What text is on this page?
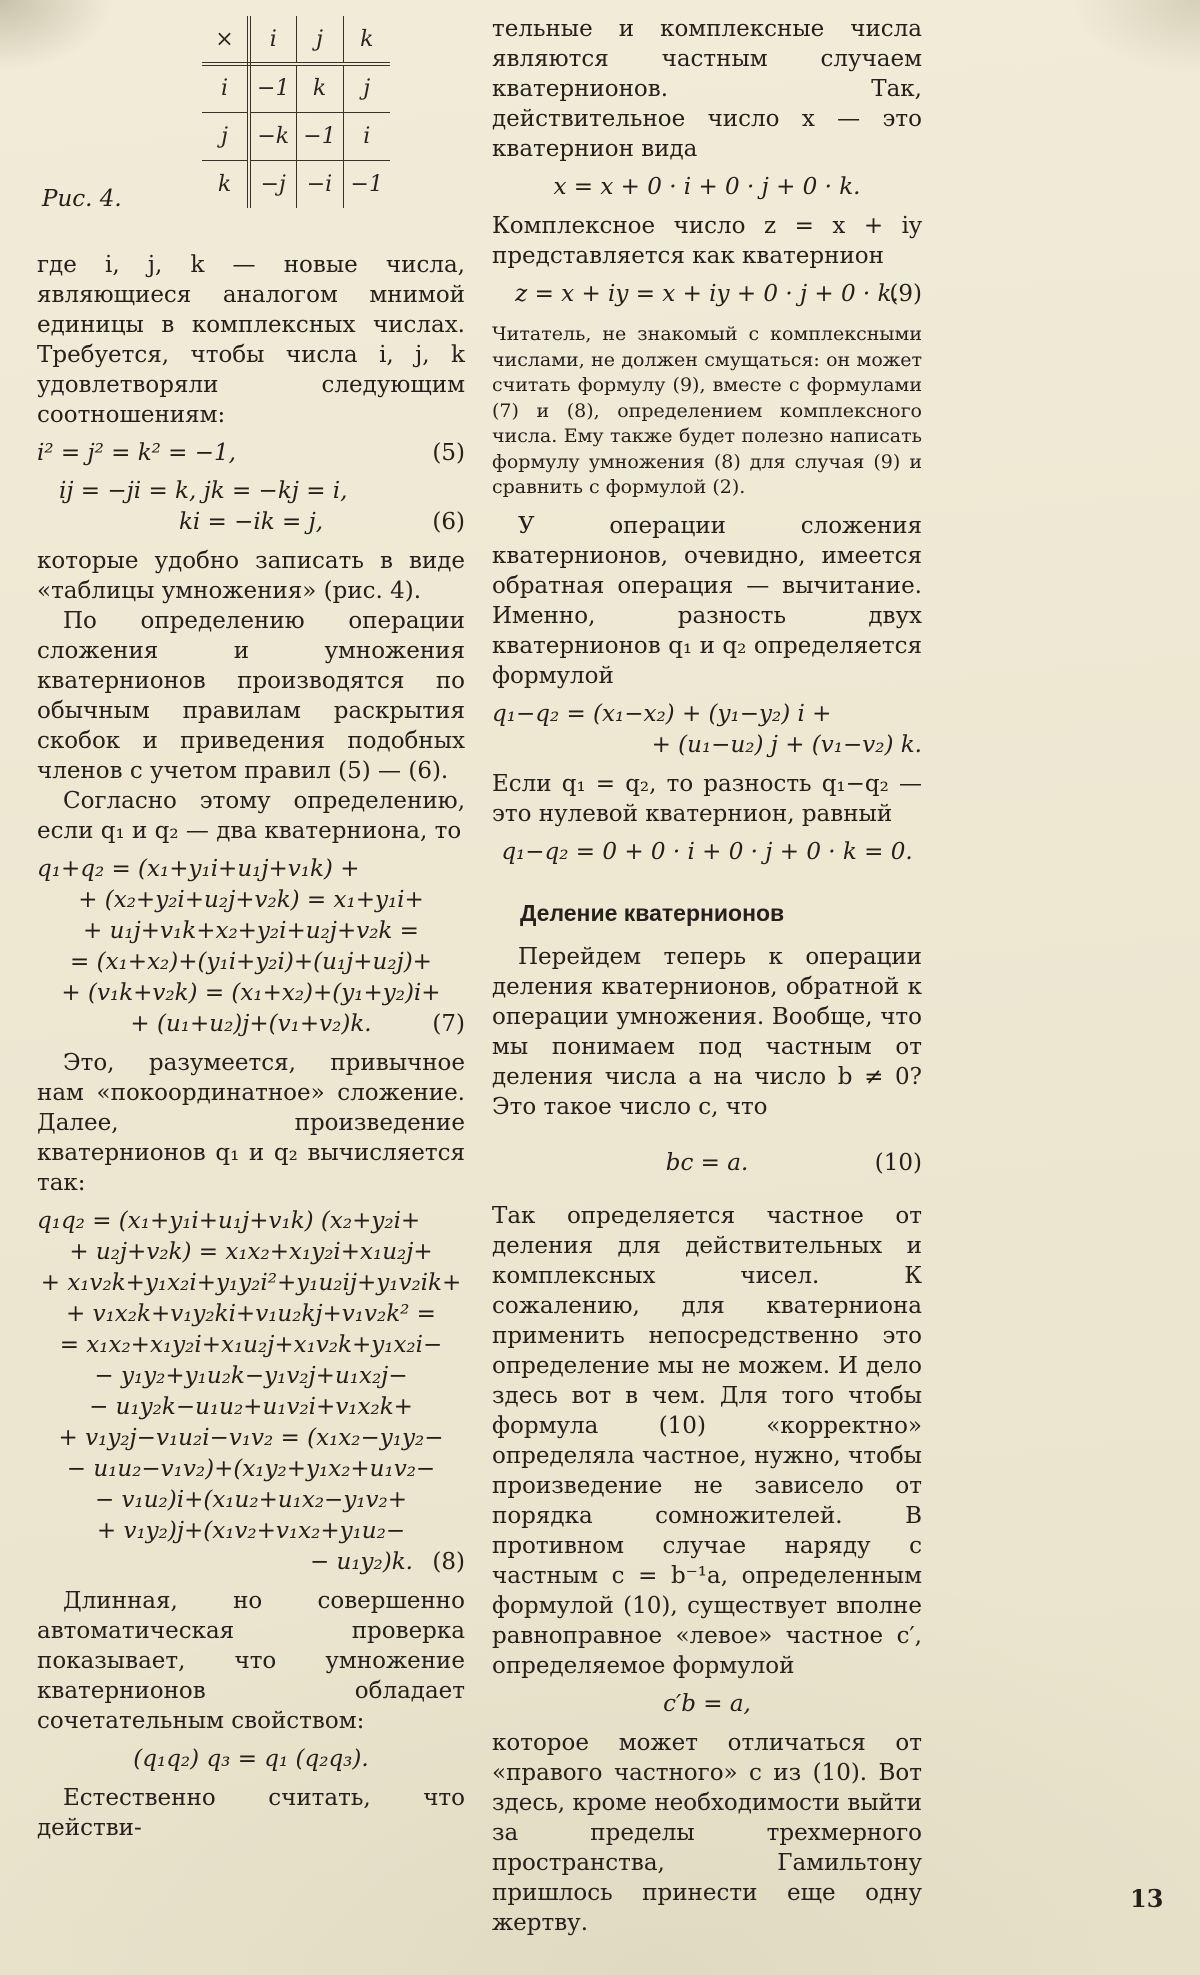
×	i	j	k
i	−1	k	j
j	−k	−1	i
k	−j	−i	−1
Рис. 4.

где i, j, k — новые числа, являющиеся аналогом мнимой единицы в комплексных числах. Требуется, чтобы числа i, j, k удовлетворяли следующим соотношениям:

i² = j² = k² = −1,	(5)
ij = −ji = k, jk = −kj = i,
ki = −ik = j,	(6)

которые удобно записать в виде «таблицы умножения» (рис. 4).

По определению операции сложения и умножения кватернионов производятся по обычным правилам раскрытия скобок и приведения подобных членов с учетом правил (5) — (6).

Согласно этому определению, если q₁ и q₂ — два кватерниона, то

q₁+q₂ = (x₁+y₁i+u₁j+v₁k) +
+ (x₂+y₂i+u₂j+v₂k) = x₁+y₁i+
+ u₁j+v₁k+x₂+y₂i+u₂j+v₂k =
= (x₁+x₂)+(y₁i+y₂i)+(u₁j+u₂j)+
+ (v₁k+v₂k) = (x₁+x₂)+(y₁+y₂)i+
+ (u₁+u₂)j+(v₁+v₂)k.	(7)

Это, разумеется, привычное нам «покоординатное» сложение. Далее, произведение кватернионов q₁ и q₂ вычисляется так:

q₁q₂ = (x₁+y₁i+u₁j+v₁k) (x₂+y₂i+
+ u₂j+v₂k) = x₁x₂+x₁y₂i+x₁u₂j+
+ x₁v₂k+y₁x₂i+y₁y₂i²+y₁u₂ij+y₁v₂ik+
+ v₁x₂k+v₁y₂ki+v₁u₂kj+v₁v₂k² =
= x₁x₂+x₁y₂i+x₁u₂j+x₁v₂k+y₁x₂i−
− y₁y₂+y₁u₂k−y₁v₂j+u₁x₂j−
− u₁y₂k−u₁u₂+u₁v₂i+v₁x₂k+
+ v₁y₂j−v₁u₂i−v₁v₂ = (x₁x₂−y₁y₂−
− u₁u₂−v₁v₂)+(x₁y₂+y₁x₂+u₁v₂−
− v₁u₂)i+(x₁u₂+u₁x₂−y₁v₂+
+ v₁y₂)j+(x₁v₂+v₁x₂+y₁u₂−
− u₁y₂)k. (8)

Длинная, но совершенно автоматическая проверка показывает, что умножение кватернионов обладает сочетательным свойством:

(q₁q₂) q₃ = q₁ (q₂q₃).

Естественно считать, что действи-

тельные и комплексные числа являются частным случаем кватернионов. Так, действительное число x — это кватернион вида

x = x + 0 · i + 0 · j + 0 · k.

Комплексное число z = x + iy представляется как кватернион

z = x + iy = x + iy + 0 · j + 0 · k.
(9)

Читатель, не знакомый с комплексными числами, не должен смущаться: он может считать формулу (9), вместе с формулами (7) и (8), определением комплексного числа. Ему также будет полезно написать формулу умножения (8) для случая (9) и сравнить с формулой (2).

У операции сложения кватернионов, очевидно, имеется обратная операция — вычитание. Именно, разность двух кватернионов q₁ и q₂ определяется формулой

q₁−q₂ = (x₁−x₂) + (y₁−y₂) i +
+ (u₁−u₂) j + (v₁−v₂) k.

Если q₁ = q₂, то разность q₁−q₂ — это нулевой кватернион, равный

q₁−q₂ = 0 + 0 · i + 0 · j + 0 · k = 0.
Деление кватернионов

Перейдем теперь к операции деления кватернионов, обратной к операции умножения. Вообще, что мы понимаем под частным от деления числа a на число b ≠ 0? Это такое число c, что

bc = a.	(10)

Так определяется частное от деления для действительных и комплексных чисел. К сожалению, для кватерниона применить непосредственно это определение мы не можем. И дело здесь вот в чем. Для того чтобы формула (10) «корректно» определяла частное, нужно, чтобы произведение не зависело от порядка сомножителей. В противном случае наряду с частным c = b⁻¹a, определенным формулой (10), существует вполне равноправное «левое» частное c′, определяемое формулой

c′b = a,

которое может отличаться от «правого частного» c из (10). Вот здесь, кроме необходимости выйти за пределы трехмерного пространства, Гамильтону пришлось принести еще одну жертву.

13
